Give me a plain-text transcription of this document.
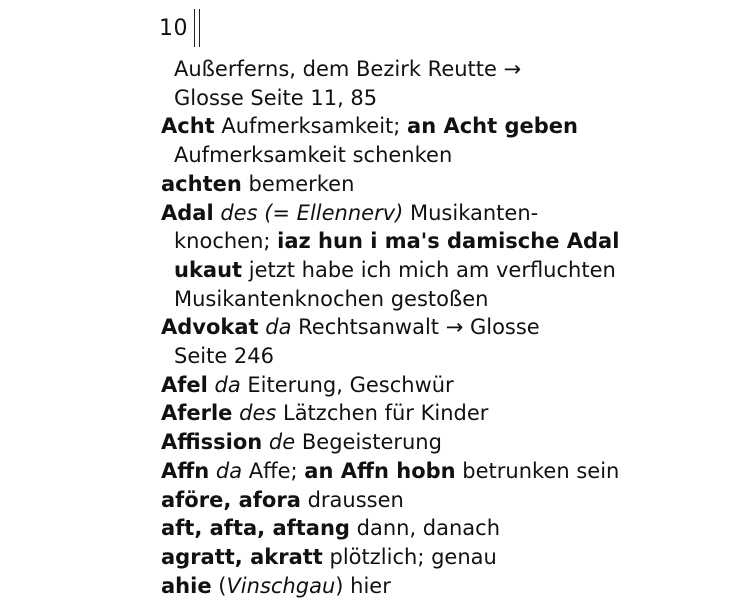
10
Außerferns, dem Bezirk Reutte →
Glosse Seite 11, 85
Acht Aufmerksamkeit; an Acht geben
Aufmerksamkeit schenken
achten bemerken
Adal des (= Ellennerv) Musikanten-
knochen; iaz hun i ma's damische Adal
ukaut jetzt habe ich mich am verfluchten
Musikantenknochen gestoßen
Advokat da Rechtsanwalt → Glosse
Seite 246
Afel da Eiterung, Geschwür
Aferle des Lätzchen für Kinder
Affission de Begeisterung
Affn da Affe; an Affn hobn betrunken sein
aföre, afora draussen
aft, afta, aftang dann, danach
agratt, akratt plötzlich; genau
ahie (Vinschgau) hier
